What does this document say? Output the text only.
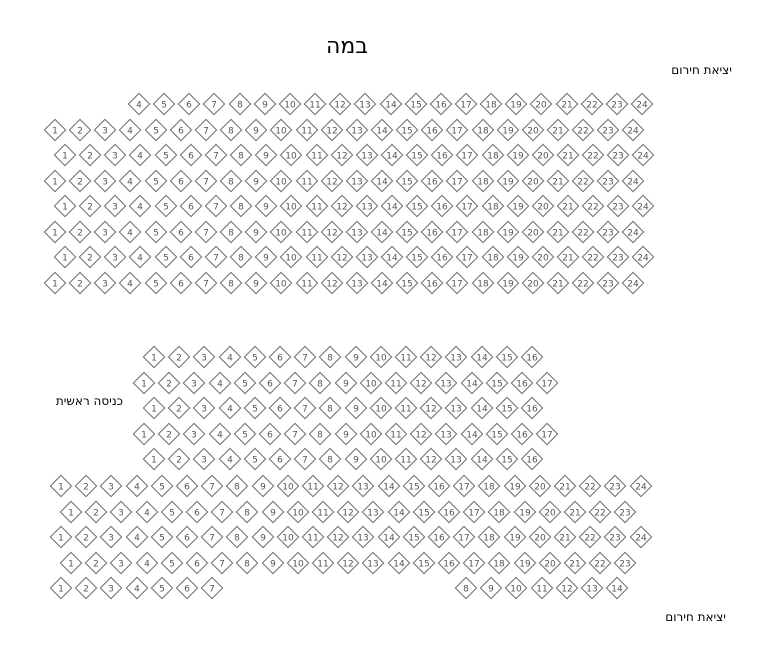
במה
יציאת חירום
כניסה ראשית
יציאת חירום
4	5	6	7	8	9	10 11 12 13 14 15 16 17 18 19 20 21 22 23 24
1	2	3	4	5	6	7	8	9	10 11 12 13 14 15 16 17 18 19 20 21 22 23 24
1	2	3	4	5	6	7	8	9	10 11 12 13 14 15 16 17 18 19 20 21 22 23 24
1	2	3	4	5	6	7	8	9	10 11 12 13 14 15 16 17 18 19 20 21 22 23 24
1	2	3	4	5	6	7	8	9	10 11 12 13 14 15 16 17 18 19 20 21 22 23 24
1	2	3	4	5	6	7	8	9	10 11 12 13 14 15 16 17 18 19 20 21 22 23 24
1	2	3	4	5	6	7	8	9	10 11 12 13 14 15 16 17 18 19 20 21 22 23 24
1	2	3	4	5	6	7	8	9	10 11 12 13 14 15 16 17 18 19 20 21 22 23 24
1	2	3	4	5	6	7	8	9	10 11 12 13 14 15 16
1	2	3	4	5	6	7	8	9	10 11 12 13 14 15 16 17
1	2	3	4	5	6	7	8	9	10 11 12 13 14 15 16
1	2	3	4	5	6	7	8	9	10 11 12 13 14 15 16 17
1	2	3	4	5	6	7	8	9	10 11 12 13 14 15 16
1	2	3	4	5	6	7	8	9	10 11 12 13 14 15 16 17 18 19 20 21 22 23 24
1	2	3	4	5	6	7	8	9	10 11 12 13 14 15 16 17 18 19 20 21 22 23
1	2	3	4	5	6	7	8	9	10 11 12 13 14 15 16 17 18 19 20 21 22 23 24
1	2	3	4	5	6	7	8	9	10 11 12 13 14 15 16 17 18 19 20 21 22 23
1	2	3	4	5	6	7	8	9	10 11 12 13 14
